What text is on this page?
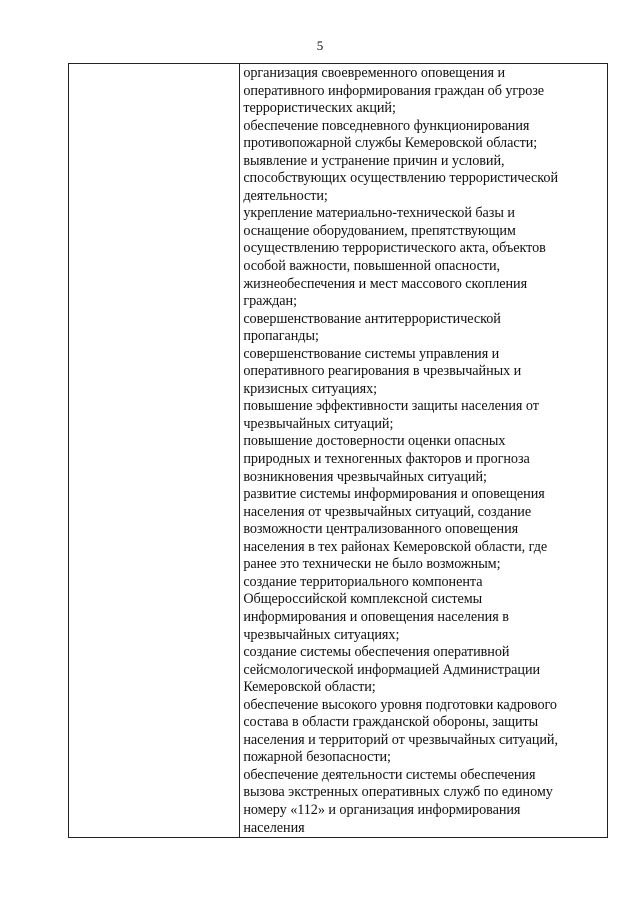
5

организация своевременного оповещения и
оперативного информирования граждан об угрозе
террористических акций;
обеспечение повседневного функционирования
противопожарной службы Кемеровской области;
выявление и устранение причин и условий,
способствующих осуществлению террористической
деятельности;
укрепление материально-технической базы и
оснащение оборудованием, препятствующим
осуществлению террористического акта, объектов
особой важности, повышенной опасности,
жизнеобеспечения и мест массового скопления
граждан;
совершенствование антитеррористической
пропаганды;
совершенствование системы управления и
оперативного реагирования в чрезвычайных и
кризисных ситуациях;
повышение эффективности защиты населения от
чрезвычайных ситуаций;
повышение достоверности оценки опасных
природных и техногенных факторов и прогноза
возникновения чрезвычайных ситуаций;
развитие системы информирования и оповещения
населения от чрезвычайных ситуаций, создание
возможности централизованного оповещения
населения в тех районах Кемеровской области, где
ранее это технически не было возможным;
создание территориального компонента
Общероссийской комплексной системы
информирования и оповещения населения в
чрезвычайных ситуациях;
создание системы обеспечения оперативной
сейсмологической информацией Администрации
Кемеровской области;
обеспечение высокого уровня подготовки кадрового
состава в области гражданской обороны, защиты
населения и территорий от чрезвычайных ситуаций,
пожарной безопасности;
обеспечение деятельности системы обеспечения
вызова экстренных оперативных служб по единому
номеру «112» и организация информирования
населения
